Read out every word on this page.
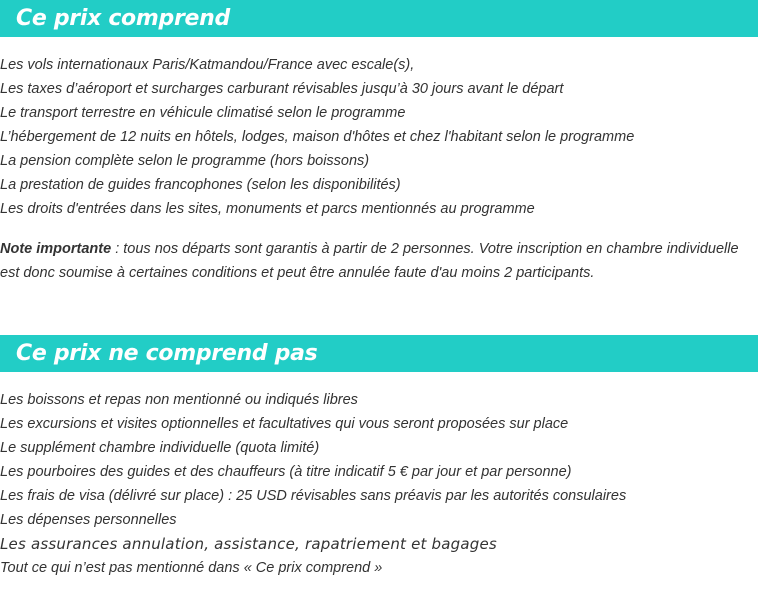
Ce prix comprend
Les vols internationaux Paris/Katmandou/France avec escale(s),
Les taxes d’aéroport et surcharges carburant révisables jusqu’à 30 jours avant le départ
Le transport terrestre en véhicule climatisé selon le programme
L’hébergement de 12 nuits en hôtels, lodges, maison d'hôtes et chez l'habitant selon le programme
La pension complète selon le programme (hors boissons)
La prestation de guides francophones (selon les disponibilités)
Les droits d'entrées dans les sites, monuments et parcs mentionnés au programme

Note importante : tous nos départs sont garantis à partir de 2 personnes. Votre inscription en chambre individuelle est donc soumise à certaines conditions et peut être annulée faute d'au moins 2 participants.

Ce prix ne comprend pas
Les boissons et repas non mentionné ou indiqués libres
Les excursions et visites optionnelles et facultatives qui vous seront proposées sur place
Le supplément chambre individuelle (quota limité)
Les pourboires des guides et des chauffeurs (à titre indicatif 5 € par jour et par personne)
Les frais de visa (délivré sur place) : 25 USD révisables sans préavis par les autorités consulaires
Les dépenses personnelles
Les assurances annulation, assistance, rapatriement et bagages
Tout ce qui n’est pas mentionné dans « Ce prix comprend »
